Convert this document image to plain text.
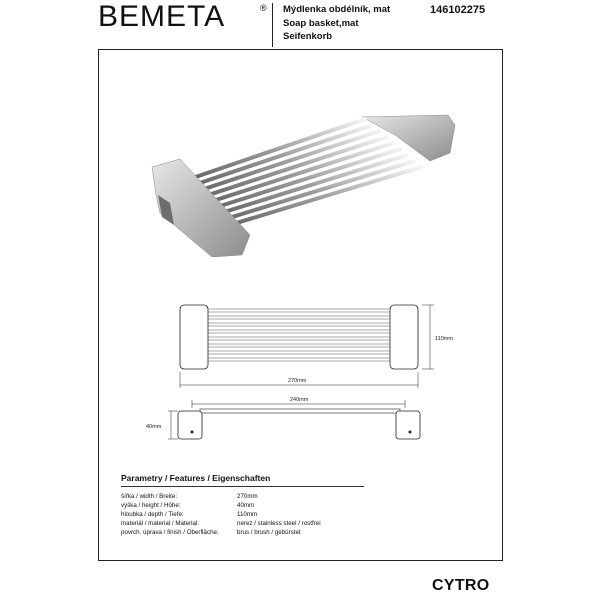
BEMETA	® Mýdlenka obdélník, mat
Soap basket,mat
Seifenkorb
146102275
110mm
270mm
240mm
40mm
Parametry / Features / Eigenschaften
šířka / width / Breite:	270mm
výška / height / Höhe:	40mm
hloubka / depth / Tiefe:	110mm
materiál / material / Material:	nerez / stainless steel / rostfrei
povrch. úprava / finish / Oberfläche:	brus / brush / gebürstet
CYTRO
